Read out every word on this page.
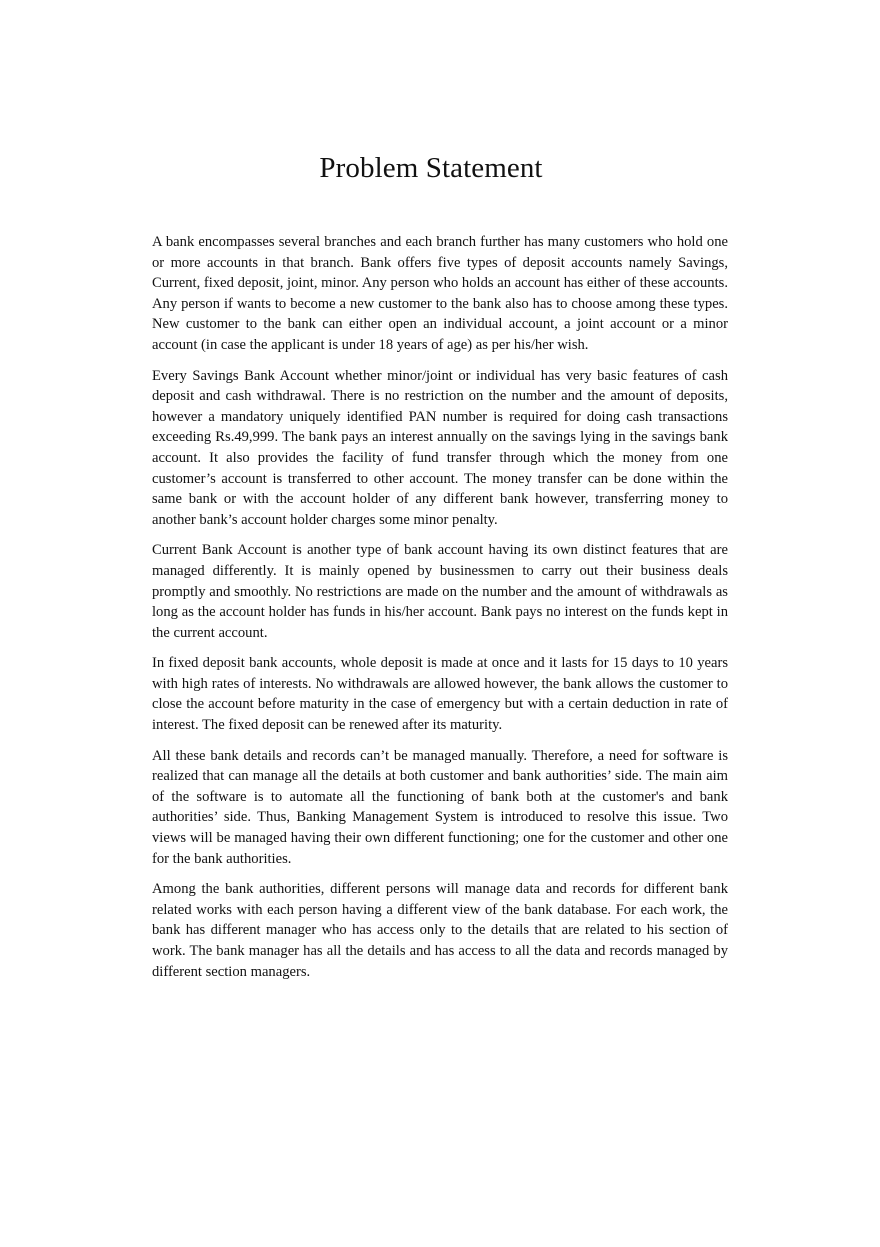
Problem Statement

A bank encompasses several branches and each branch further has many customers who hold one or more accounts in that branch. Bank offers five types of deposit accounts namely Savings, Current, fixed deposit, joint, minor. Any person who holds an account has either of these accounts. Any person if wants to become a new customer to the bank also has to choose among these types. New customer to the bank can either open an individual account, a joint account or a minor account (in case the applicant is under 18 years of age) as per his/her wish.

Every Savings Bank Account whether minor/joint or individual has very basic features of cash deposit and cash withdrawal. There is no restriction on the number and the amount of deposits, however a mandatory uniquely identified PAN number is required for doing cash transactions exceeding Rs.49,999. The bank pays an interest annually on the savings lying in the savings bank account. It also provides the facility of fund transfer through which the money from one customer’s account is transferred to other account. The money transfer can be done within the same bank or with the account holder of any different bank however, transferring money to another bank’s account holder charges some minor penalty.

Current Bank Account is another type of bank account having its own distinct features that are managed differently. It is mainly opened by businessmen to carry out their business deals promptly and smoothly. No restrictions are made on the number and the amount of withdrawals as long as the account holder has funds in his/her account. Bank pays no interest on the funds kept in the current account.

In fixed deposit bank accounts, whole deposit is made at once and it lasts for 15 days to 10 years with high rates of interests. No withdrawals are allowed however, the bank allows the customer to close the account before maturity in the case of emergency but with a certain deduction in rate of interest. The fixed deposit can be renewed after its maturity.

All these bank details and records can’t be managed manually. Therefore, a need for software is realized that can manage all the details at both customer and bank authorities’ side. The main aim of the software is to automate all the functioning of bank both at the customer's and bank authorities’ side. Thus, Banking Management System is introduced to resolve this issue. Two views will be managed having their own different functioning; one for the customer and other one for the bank authorities.

Among the bank authorities, different persons will manage data and records for different bank related works with each person having a different view of the bank database. For each work, the bank has different manager who has access only to the details that are related to his section of work. The bank manager has all the details and has access to all the data and records managed by different section managers.
